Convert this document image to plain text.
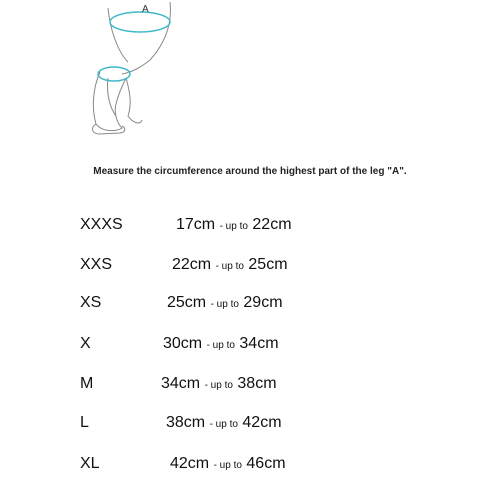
A
Measure the circumference around the highest part of the leg "A".
XXXS	17cm - up to 22cm
XXS	22cm - up to 25cm
XS	25cm - up to 29cm
X	30cm - up to 34cm
M	34cm - up to 38cm
L	38cm - up to 42cm
XL	42cm - up to 46cm
